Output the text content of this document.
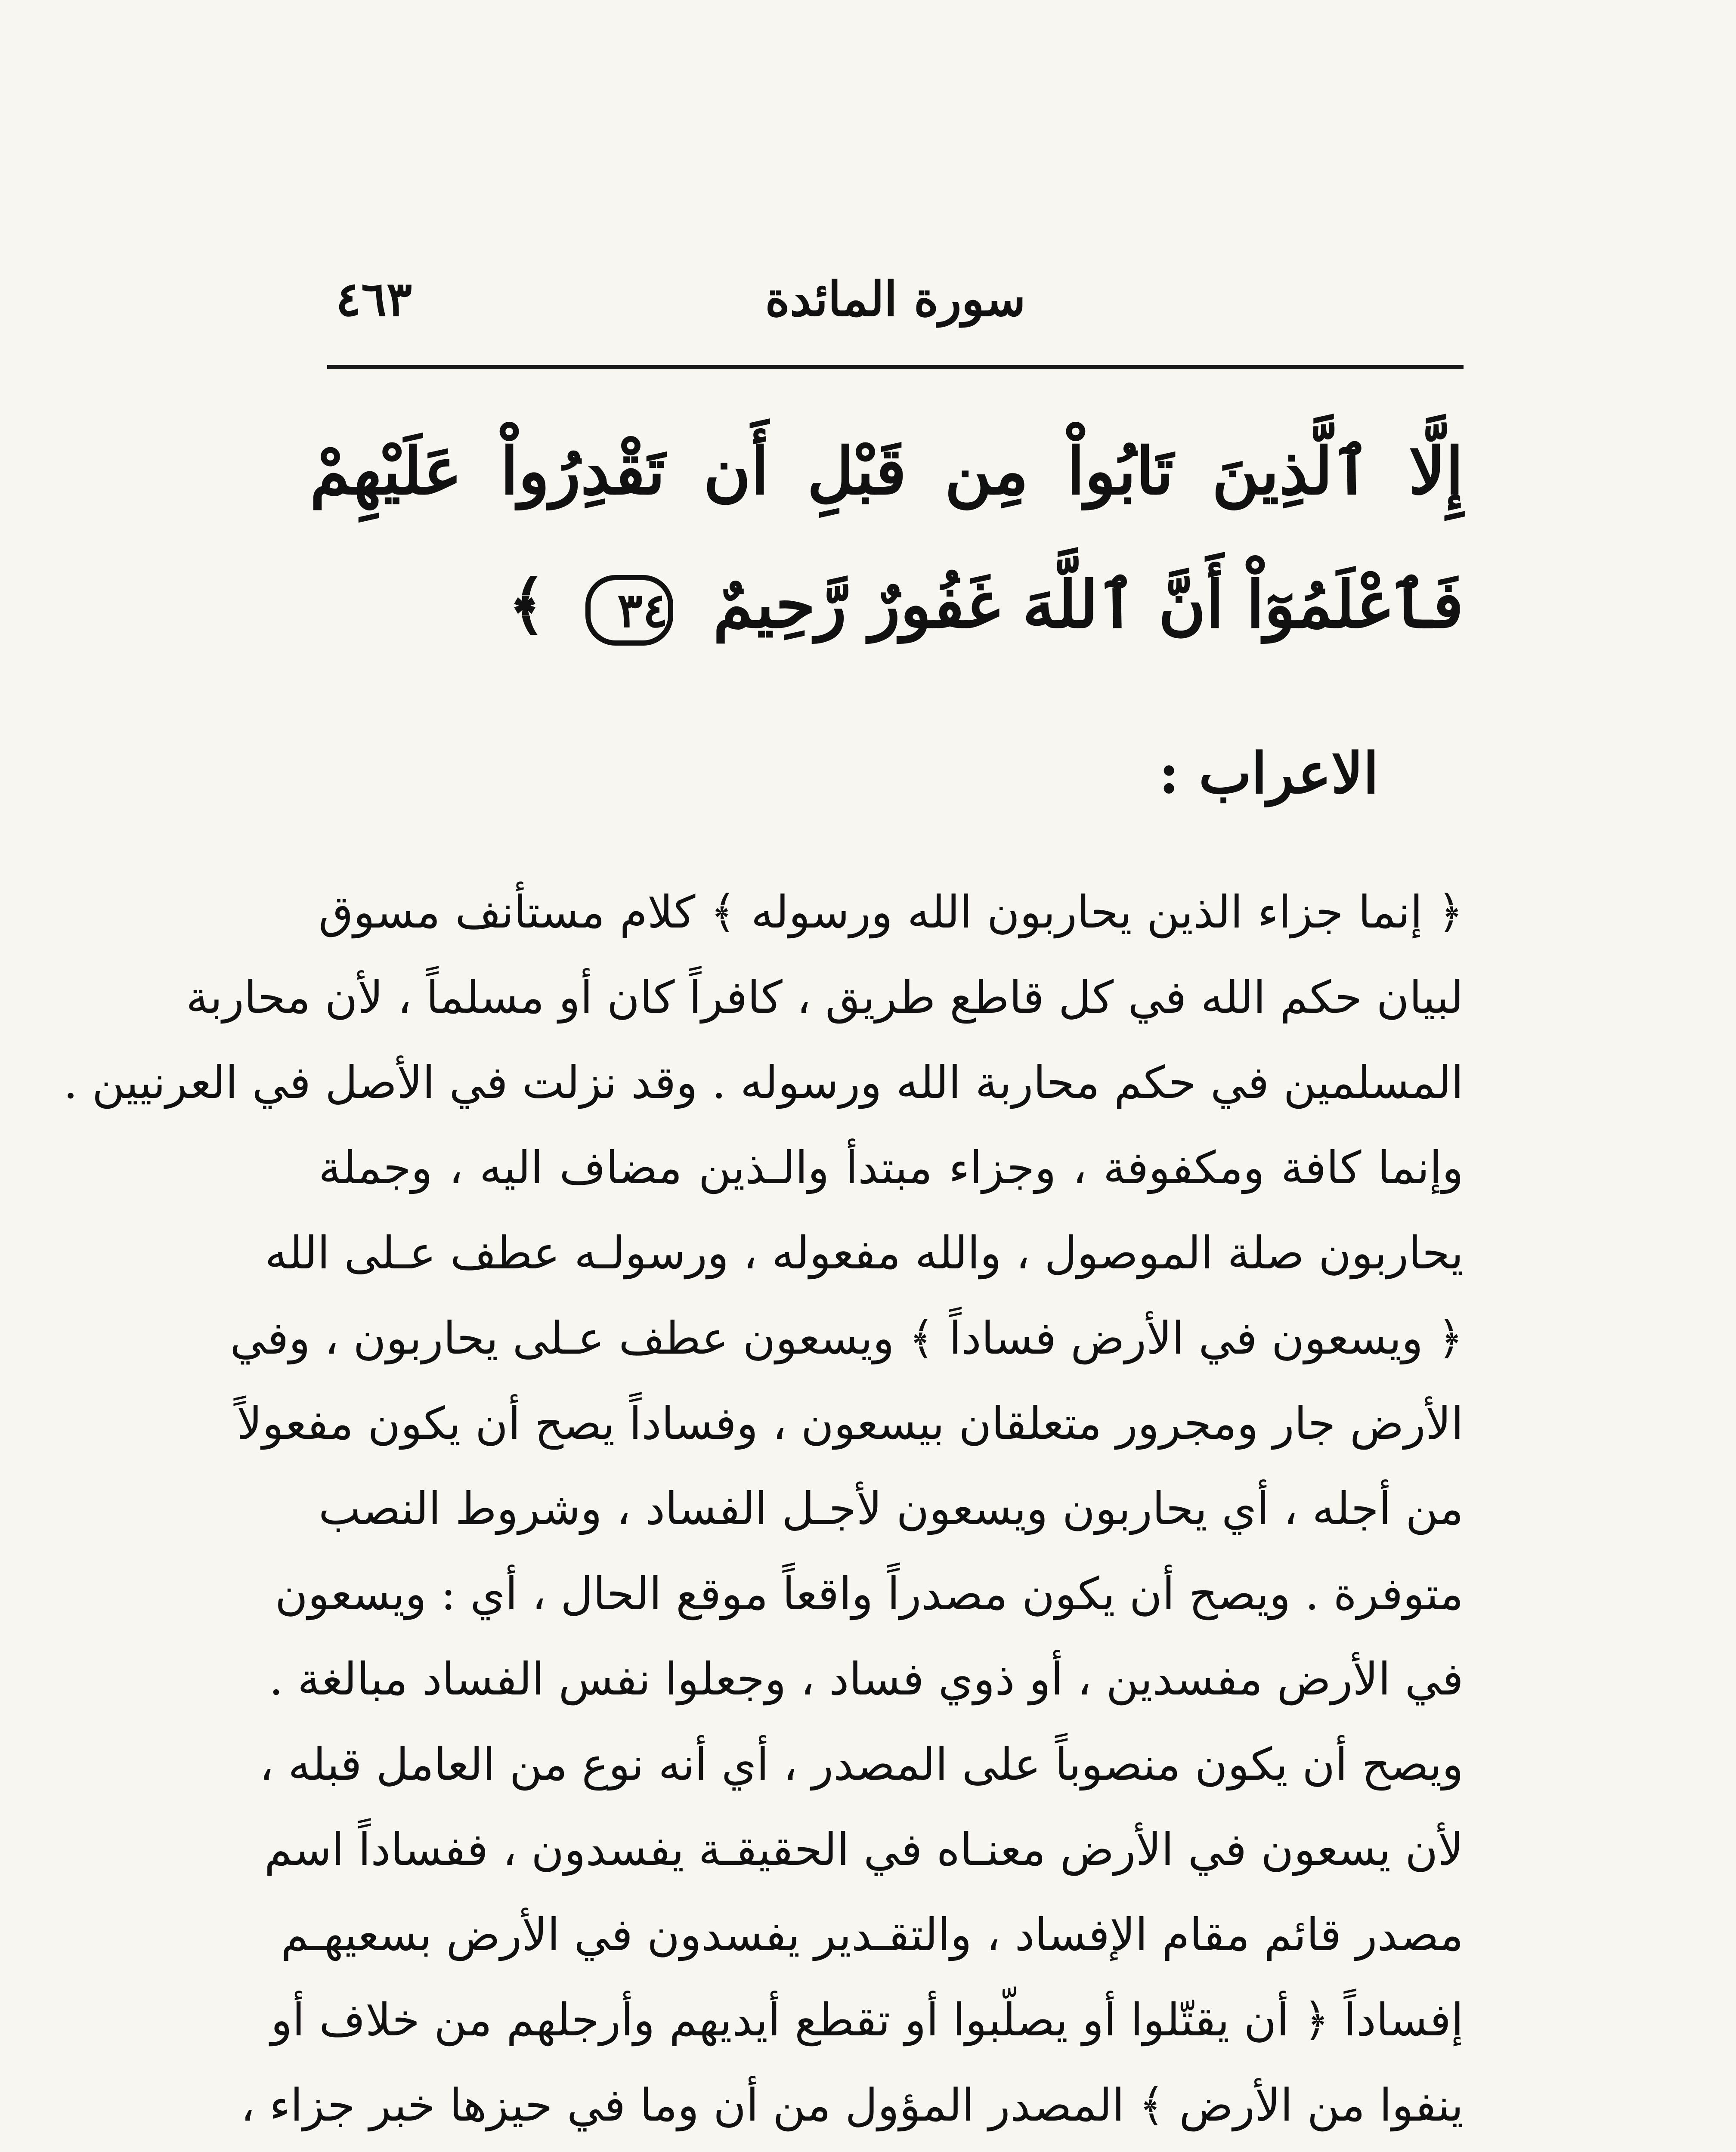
٤٦٣	سورة المائدة
إِلَّا ٱلَّذِينَ تَابُواْ مِن قَبْلِ أَن تَقْدِرُواْ عَلَيْهِمْ فَٱعْلَمُوٓاْ أَنَّ ٱللَّهَ غَفُورٌ رَّحِيمٌ ٣٤ ﴾
الاعراب :
﴿ إنما جزاء الذين يحاربون الله ورسوله ﴾ كلام مستأنف مسوق
لبيان حكم الله في كل قاطع طريق ، كافراً كان أو مسلماً ، لأن محاربة
المسلمين في حكم محاربة الله ورسوله . وقد نزلت في الأصل في العرنيين .
وإنما كافة ومكفوفة ، وجزاء مبتدأ والـذين مضاف اليه ، وجملة
يحاربون صلة الموصول ، والله مفعوله ، ورسولـه عطف عـلى الله
﴿ ويسعون في الأرض فساداً ﴾ ويسعون عطف عـلى يحاربون ، وفي
الأرض جار ومجرور متعلقان بيسعون ، وفساداً يصح أن يكون مفعولاً
من أجله ، أي يحاربون ويسعون لأجـل الفساد ، وشروط النصب
متوفرة . ويصح أن يكون مصدراً واقعاً موقع الحال ، أي : ويسعون
في الأرض مفسدين ، أو ذوي فساد ، وجعلوا نفس الفساد مبالغة .
ويصح أن يكون منصوباً على المصدر ، أي أنه نوع من العامل قبله ،
لأن يسعون في الأرض معنـاه في الحقيقـة يفسدون ، ففساداً اسم
مصدر قائم مقام الإفساد ، والتقـدير يفسدون في الأرض بسعيهـم
إفساداً ﴿ أن يقتّلوا أو يصلّبوا أو تقطع أيديهم وأرجلهم من خلاف أو
ينفوا من الأرض ﴾ المصدر المؤول من أن وما في حيزها خبر جزاء ،
